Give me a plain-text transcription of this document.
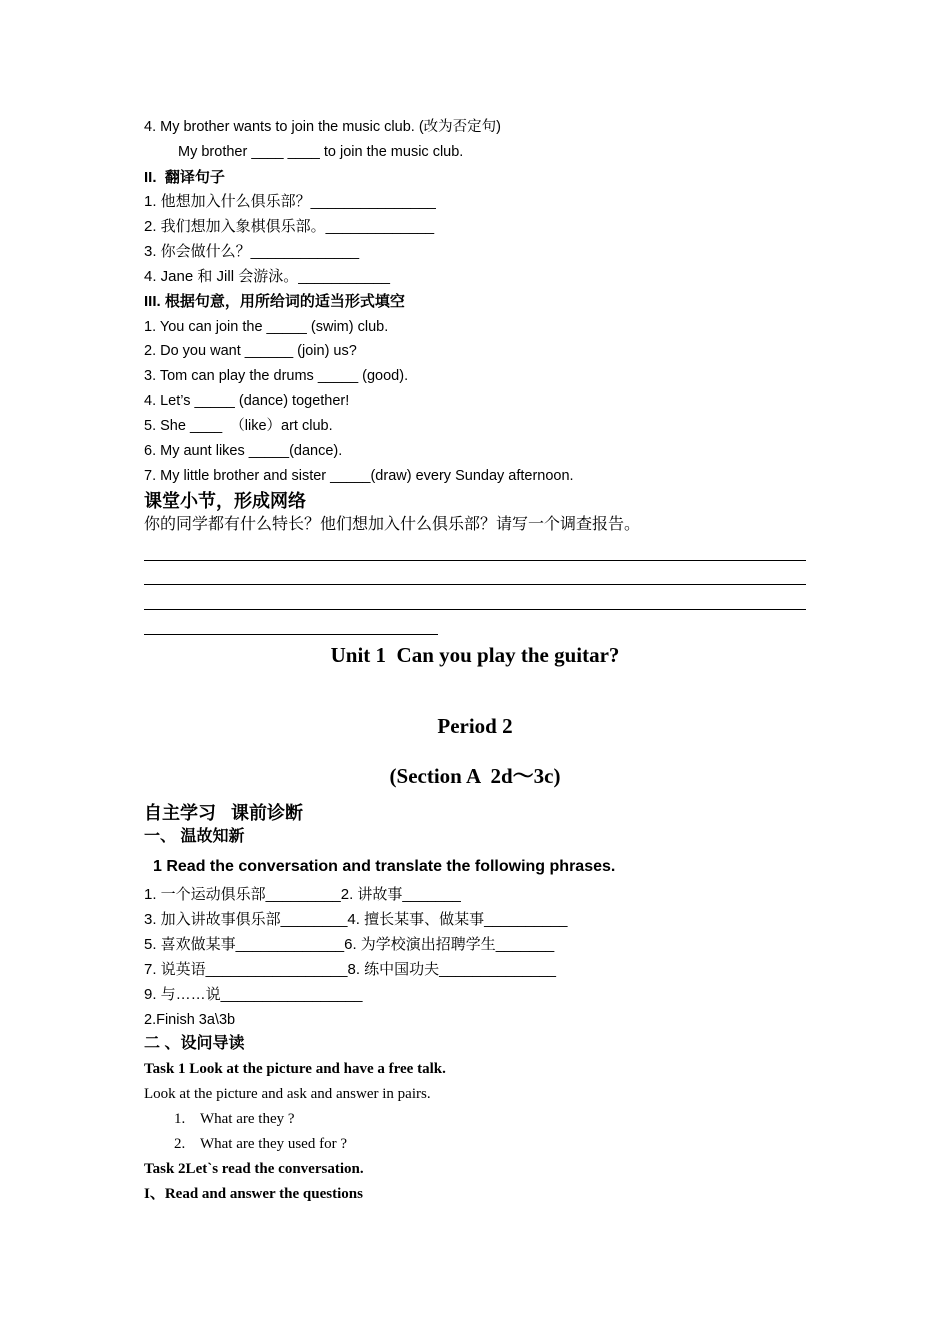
4. My brother wants to join the music club. (改为否定句)
My brother ____ ____ to join the music club.
II.  翻译句子
1. 他想加入什么俱乐部？_______________
2. 我们想加入象棋俱乐部。_____________
3. 你会做什么？_____________
4. Jane 和 Jill 会游泳。___________
III. 根据句意，用所给词的适当形式填空
1. You can join the _____ (swim) club.
2. Do you want ______ (join) us?
3. Tom can play the drums _____ (good).
4. Let’s _____ (dance) together!
5. She ____  （like）art club.
6. My aunt likes _____(dance).
7. My little brother and sister _____(draw) every Sunday afternoon.
课堂小节，形成网络
你的同学都有什么特长？他们想加入什么俱乐部？请写一个调查报告。
Unit 1  Can you play the guitar?
Period 2
(Section A  2d～3c)
自主学习   课前诊断
一、 温故知新
1 Read the conversation and translate the following phrases.
1. 一个运动俱乐部_________2. 讲故事_______
3. 加入讲故事俱乐部________4. 擅长某事、做某事__________
5. 喜欢做某事_____________6. 为学校演出招聘学生_______
7. 说英语_________________8. 练中国功夫______________
9. 与……说_________________
2.Finish 3a\3b
二 、设问导读
Task 1 Look at the picture and have a free talk.
Look at the picture and ask and answer in pairs.
1.    What are they ?
2.    What are they used for ?
Task 2Let`s read the conversation.
I、Read and answer the questions
